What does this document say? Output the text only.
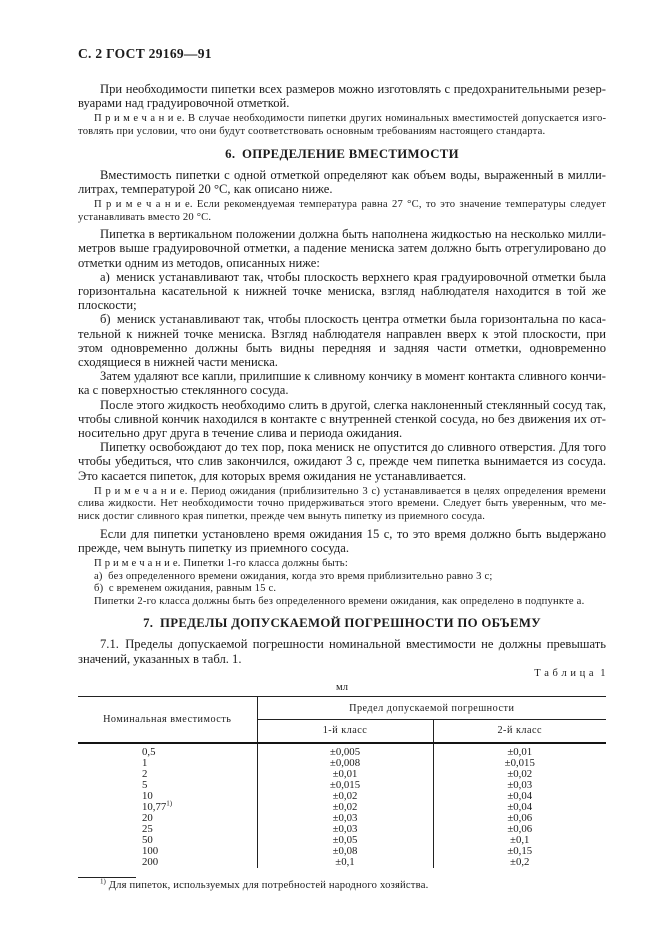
С. 2 ГОСТ 29169—91

При необходимости пипетки всех размеров можно изготовлять с предохранительными резервуарами над градуировочной отметкой.

П р и м е ч а н и е. В случае необходимости пипетки других номинальных вместимостей допускается изготовлять при условии, что они будут соответствовать основным требованиям настоящего стандарта.

6. ОПРЕДЕЛЕНИЕ ВМЕСТИМОСТИ

Вместимость пипетки с одной отметкой определяют как объем воды, выраженный в миллилитрах, температурой 20 °С, как описано ниже.

П р и м е ч а н и е. Если рекомендуемая температура равна 27 °С, то это значение температуры следует устанавливать вместо 20 °С.

Пипетка в вертикальном положении должна быть наполнена жидкостью на несколько миллиметров выше градуировочной отметки, а падение мениска затем должно быть отрегулировано до отметки одним из методов, описанных ниже:

а) мениск устанавливают так, чтобы плоскость верхнего края градуировочной отметки была горизонтальна касательной к нижней точке мениска, взгляд наблюдателя находится в той же плоскости;

б) мениск устанавливают так, чтобы плоскость центра отметки была горизонтальна по касательной к нижней точке мениска. Взгляд наблюдателя направлен вверх к этой плоскости, при этом одновременно должны быть видны передняя и задняя части отметки, одновременно сходящиеся в нижней части мениска.

Затем удаляют все капли, прилипшие к сливному кончику в момент контакта сливного кончика с поверхностью стеклянного сосуда.

После этого жидкость необходимо слить в другой, слегка наклоненный стеклянный сосуд так, чтобы сливной кончик находился в контакте с внутренней стенкой сосуда, но без движения их относительно друг друга в течение слива и периода ожидания.

Пипетку освобождают до тех пор, пока мениск не опустится до сливного отверстия. Для того чтобы убедиться, что слив закончился, ожидают 3 с, прежде чем пипетка вынимается из сосуда. Это касается пипеток, для которых время ожидания не устанавливается.

П р и м е ч а н и е. Период ожидания (приблизительно 3 с) устанавливается в целях определения времени слива жидкости. Нет необходимости точно придерживаться этого времени. Следует быть уверенным, что мениск достиг сливного края пипетки, прежде чем вынуть пипетку из приемного сосуда.

Если для пипетки установлено время ожидания 15 с, то это время должно быть выдержано прежде, чем вынуть пипетку из приемного сосуда.

П р и м е ч а н и е. Пипетки 1-го класса должны быть:
а) без определенного времени ожидания, когда это время приблизительно равно 3 с;
б) с временем ожидания, равным 15 с.
Пипетки 2-го класса должны быть без определенного времени ожидания, как определено в подпункте а.
7. ПРЕДЕЛЫ ДОПУСКАЕМОЙ ПОГРЕШНОСТИ ПО ОБЪЕМУ

7.1. Пределы допускаемой погрешности номинальной вместимости не должны превышать значений, указанных в табл. 1.

Т а б л и ц а  1
мл
Номинальная вместимость	Предел допускаемой погрешности	
	1-й класс	2-й класс
0,5	±0,005	±0,01
1	±0,008	±0,015
2	±0,01	±0,02
5	±0,015	±0,03
10	±0,02	±0,04
$10,77^{1)}$	±0,02	±0,04
20	±0,03	±0,06
25	±0,03	±0,06
50	±0,05	±0,1
100	±0,08	±0,15
200	±0,1	±0,2
$^{1)}$ Для пипеток, используемых для потребностей народного хозяйства.
